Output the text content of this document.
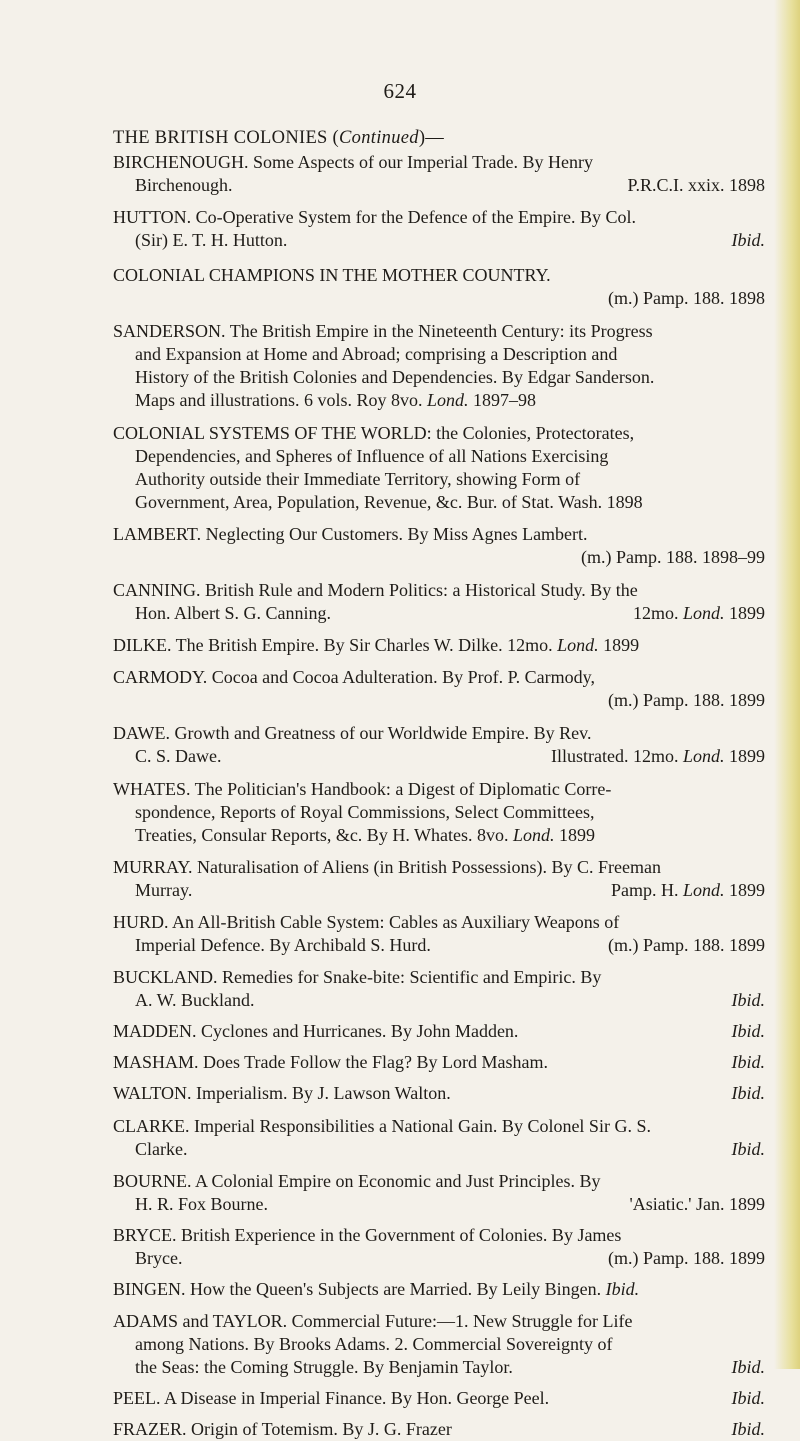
624
THE BRITISH COLONIES (Continued)—
BIRCHENOUGH. Some Aspects of our Imperial Trade. By Henry
Birchenough.	P.R.C.I. xxix. 1898
HUTTON. Co-Operative System for the Defence of the Empire. By Col.
(Sir) E. T. H. Hutton.	Ibid.
COLONIAL CHAMPIONS IN THE MOTHER COUNTRY.
(m.) Pamp. 188. 1898
SANDERSON. The British Empire in the Nineteenth Century: its Progress
and Expansion at Home and Abroad; comprising a Description and
History of the British Colonies and Dependencies. By Edgar Sanderson.
Maps and illustrations. 6 vols. Roy 8vo. Lond. 1897–98
COLONIAL SYSTEMS OF THE WORLD: the Colonies, Protectorates,
Dependencies, and Spheres of Influence of all Nations Exercising
Authority outside their Immediate Territory, showing Form of
Government, Area, Population, Revenue, &c. Bur. of Stat. Wash. 1898
LAMBERT. Neglecting Our Customers. By Miss Agnes Lambert.
(m.) Pamp. 188. 1898–99
CANNING. British Rule and Modern Politics: a Historical Study. By the
Hon. Albert S. G. Canning.	12mo. Lond. 1899
DILKE. The British Empire. By Sir Charles W. Dilke. 12mo. Lond. 1899
CARMODY. Cocoa and Cocoa Adulteration. By Prof. P. Carmody,
(m.) Pamp. 188. 1899
DAWE. Growth and Greatness of our Worldwide Empire. By Rev.
C. S. Dawe.	Illustrated. 12mo. Lond. 1899
WHATES. The Politician's Handbook: a Digest of Diplomatic Corre-
spondence, Reports of Royal Commissions, Select Committees,
Treaties, Consular Reports, &c. By H. Whates. 8vo. Lond. 1899
MURRAY. Naturalisation of Aliens (in British Possessions). By C. Freeman
Murray.	Pamp. H. Lond. 1899
HURD. An All-British Cable System: Cables as Auxiliary Weapons of
Imperial Defence. By Archibald S. Hurd.	(m.) Pamp. 188. 1899
BUCKLAND. Remedies for Snake-bite: Scientific and Empiric. By
A. W. Buckland.	Ibid.
MADDEN. Cyclones and Hurricanes. By John Madden.	Ibid.
MASHAM. Does Trade Follow the Flag? By Lord Masham.	Ibid.
WALTON. Imperialism. By J. Lawson Walton.	Ibid.
CLARKE. Imperial Responsibilities a National Gain. By Colonel Sir G. S.
Clarke.	Ibid.
BOURNE. A Colonial Empire on Economic and Just Principles. By
H. R. Fox Bourne.	'Asiatic.' Jan. 1899
BRYCE. British Experience in the Government of Colonies. By James
Bryce.	(m.) Pamp. 188. 1899
BINGEN. How the Queen's Subjects are Married. By Leily Bingen. Ibid.
ADAMS and TAYLOR. Commercial Future:—1. New Struggle for Life
among Nations. By Brooks Adams. 2. Commercial Sovereignty of
the Seas: the Coming Struggle. By Benjamin Taylor.	Ibid.
PEEL. A Disease in Imperial Finance. By Hon. George Peel.	Ibid.
FRAZER. Origin of Totemism. By J. G. Frazer	Ibid.
